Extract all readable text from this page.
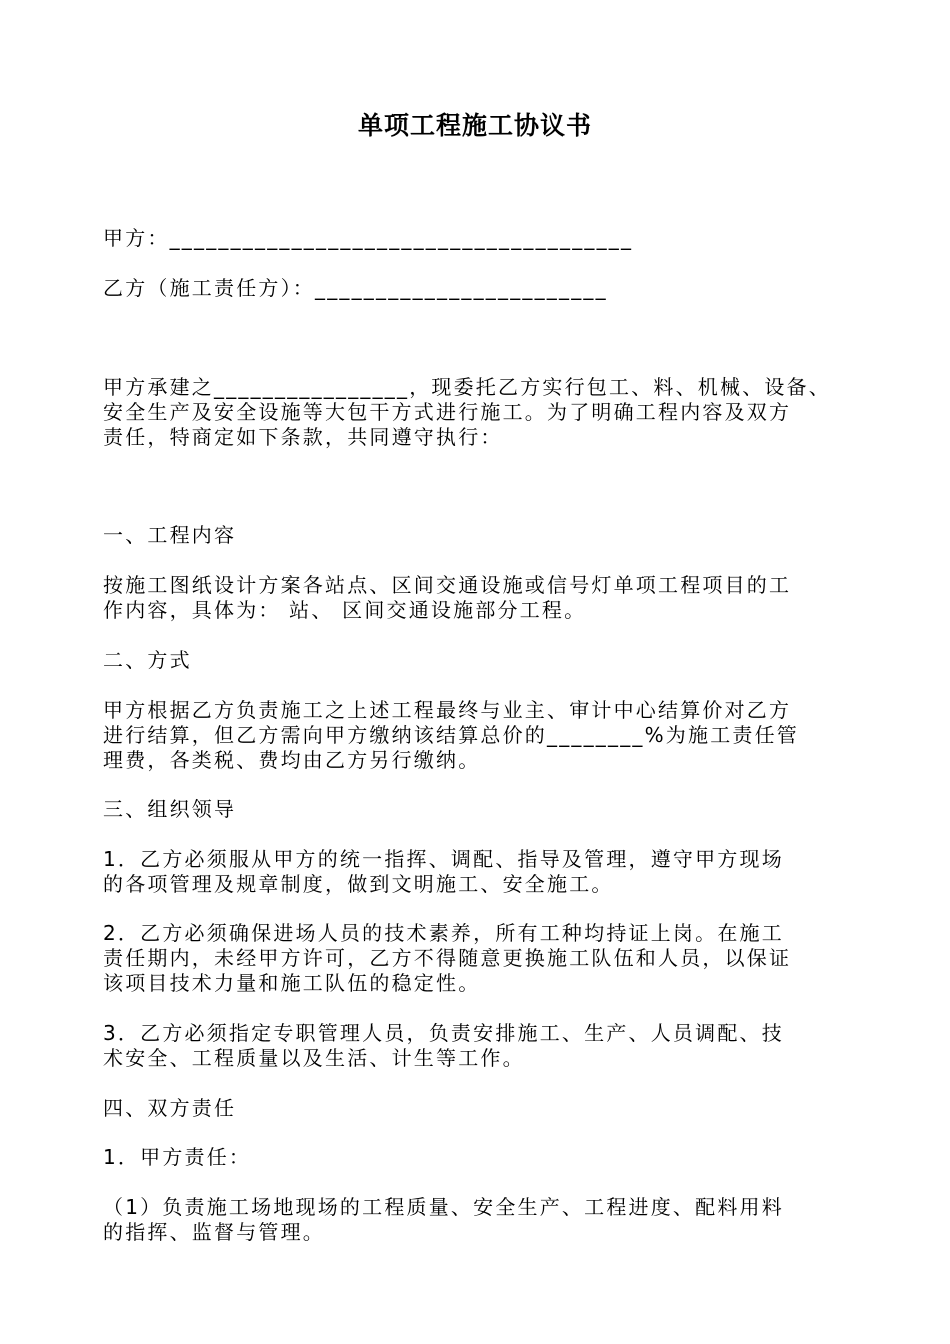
单项工程施工协议书
甲方：______________________________________
乙方（施工责任方）：________________________
甲方承建之________________，现委托乙方实行包工、料、机械、设备、
安全生产及安全设施等大包干方式进行施工。为了明确工程内容及双方
责任，特商定如下条款，共同遵守执行：
一、工程内容
按施工图纸设计方案各站点、区间交通设施或信号灯单项工程项目的工
作内容，具体为： 站、 区间交通设施部分工程。
二、方式
甲方根据乙方负责施工之上述工程最终与业主、审计中心结算价对乙方
进行结算，但乙方需向甲方缴纳该结算总价的________%为施工责任管
理费，各类税、费均由乙方另行缴纳。
三、组织领导
1．乙方必须服从甲方的统一指挥、调配、指导及管理，遵守甲方现场
的各项管理及规章制度，做到文明施工、安全施工。
2．乙方必须确保进场人员的技术素养，所有工种均持证上岗。在施工
责任期内，未经甲方许可，乙方不得随意更换施工队伍和人员，以保证
该项目技术力量和施工队伍的稳定性。
3．乙方必须指定专职管理人员，负责安排施工、生产、人员调配、技
术安全、工程质量以及生活、计生等工作。
四、双方责任
1．甲方责任：
（1）负责施工场地现场的工程质量、安全生产、工程进度、配料用料
的指挥、监督与管理。
